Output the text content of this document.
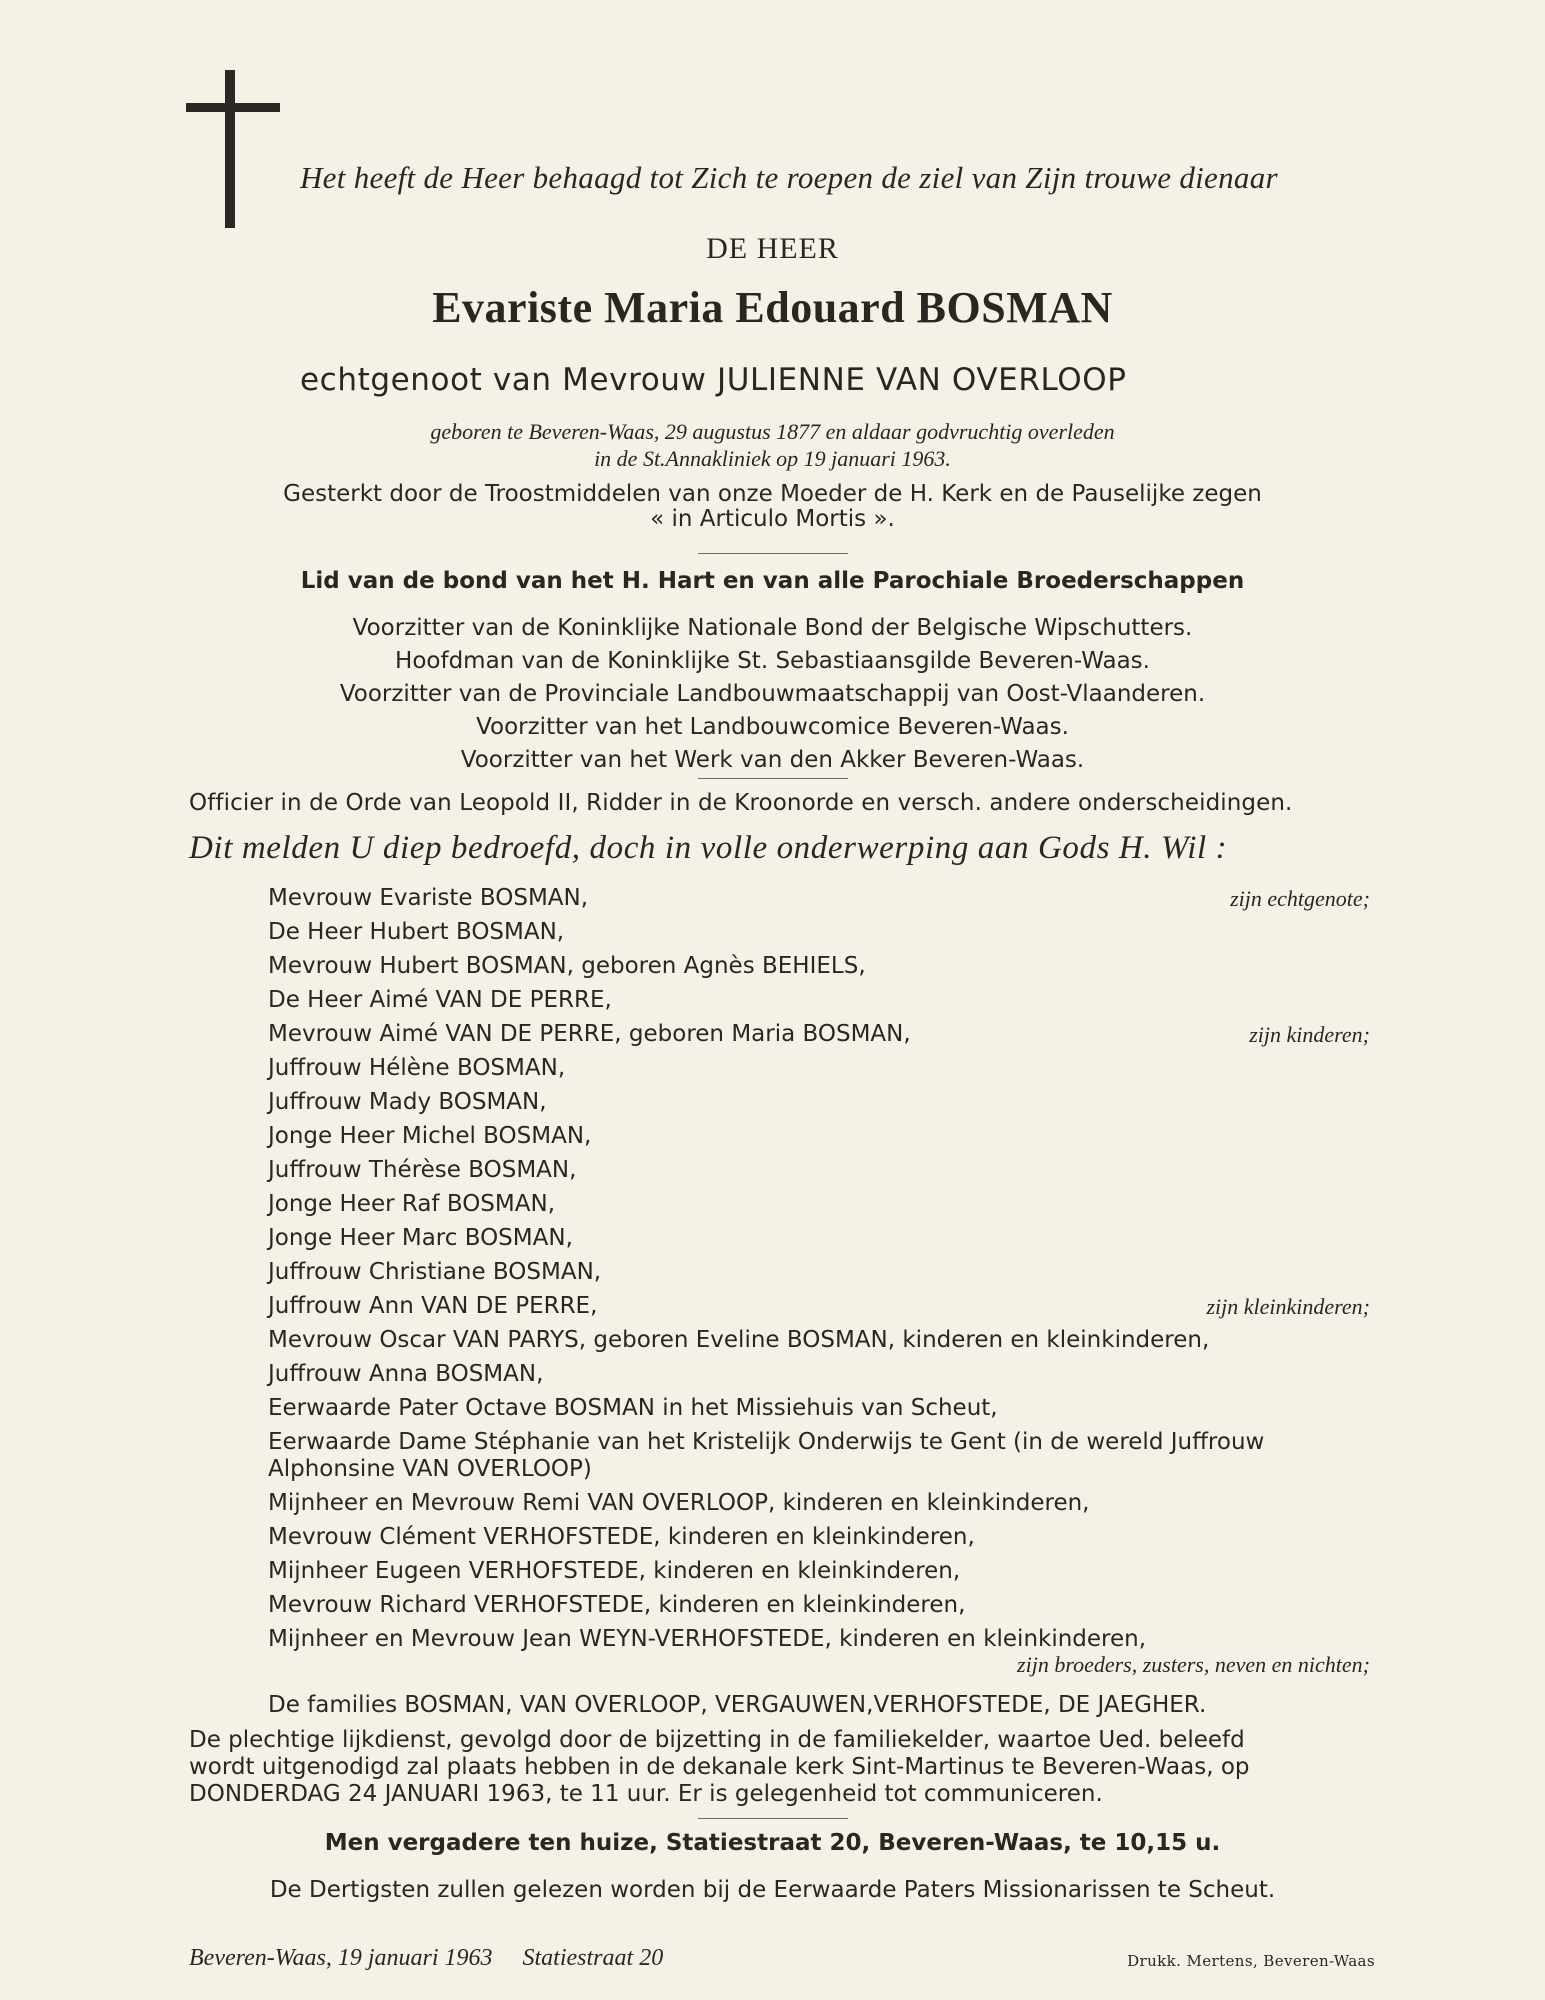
Het heeft de Heer behaagd tot Zich te roepen de ziel van Zijn trouwe dienaar

DE HEER

Evariste Maria Edouard BOSMAN

echtgenoot van Mevrouw JULIENNE VAN OVERLOOP

geboren te Beveren-Waas, 29 augustus 1877 en aldaar godvruchtig overleden
in de St.Annakliniek op 19 januari 1963.
Gesterkt door de Troostmiddelen van onze Moeder de H. Kerk en de Pauselijke zegen
« in Articulo Mortis ».

Lid van de bond van het H. Hart en van alle Parochiale Broederschappen

Voorzitter van de Koninklijke Nationale Bond der Belgische Wipschutters.
Hoofdman van de Koninklijke St. Sebastiaansgilde Beveren-Waas.
Voorzitter van de Provinciale Landbouwmaatschappij van Oost-Vlaanderen.
Voorzitter van het Landbouwcomice Beveren-Waas.
Voorzitter van het Werk van den Akker Beveren-Waas.

Officier in de Orde van Leopold II, Ridder in de Kroonorde en versch. andere onderscheidingen.

Dit melden U diep bedroefd, doch in volle onderwerping aan Gods H. Wil :

Mevrouw Evariste BOSMAN,	zijn echtgenote;

De Heer Hubert BOSMAN,

Mevrouw Hubert BOSMAN, geboren Agnès BEHIELS,

De Heer Aimé VAN DE PERRE,

Mevrouw Aimé VAN DE PERRE, geboren Maria BOSMAN,	zijn kinderen;

Juffrouw Hélène BOSMAN,

Juffrouw Mady BOSMAN,

Jonge Heer Michel BOSMAN,

Juffrouw Thérèse BOSMAN,

Jonge Heer Raf BOSMAN,

Jonge Heer Marc BOSMAN,

Juffrouw Christiane BOSMAN,

Juffrouw Ann VAN DE PERRE,	zijn kleinkinderen;

Mevrouw Oscar VAN PARYS, geboren Eveline BOSMAN, kinderen en kleinkinderen,

Juffrouw Anna BOSMAN,

Eerwaarde Pater Octave BOSMAN in het Missiehuis van Scheut,

Eerwaarde Dame Stéphanie van het Kristelijk Onderwijs te Gent (in de wereld Juffrouw

Alphonsine VAN OVERLOOP)

Mijnheer en Mevrouw Remi VAN OVERLOOP, kinderen en kleinkinderen,

Mevrouw Clément VERHOFSTEDE, kinderen en kleinkinderen,

Mijnheer Eugeen VERHOFSTEDE, kinderen en kleinkinderen,

Mevrouw Richard VERHOFSTEDE, kinderen en kleinkinderen,

Mijnheer en Mevrouw Jean WEYN-VERHOFSTEDE, kinderen en kleinkinderen,

zijn broeders, zusters, neven en nichten;

De families BOSMAN, VAN OVERLOOP, VERGAUWEN,VERHOFSTEDE, DE JAEGHER.

De plechtige lijkdienst, gevolgd door de bijzetting in de familiekelder, waartoe Ued. beleefd

wordt uitgenodigd zal plaats hebben in de dekanale kerk Sint-Martinus te Beveren-Waas, op

DONDERDAG 24 JANUARI 1963, te 11 uur. Er is gelegenheid tot communiceren.

Men vergadere ten huize, Statiestraat 20, Beveren-Waas, te 10,15 u.

De Dertigsten zullen gelezen worden bij de Eerwaarde Paters Missionarissen te Scheut.

Beveren-Waas, 19 januari 1963     Statiestraat 20	Drukk. Mertens, Beveren-Waas
